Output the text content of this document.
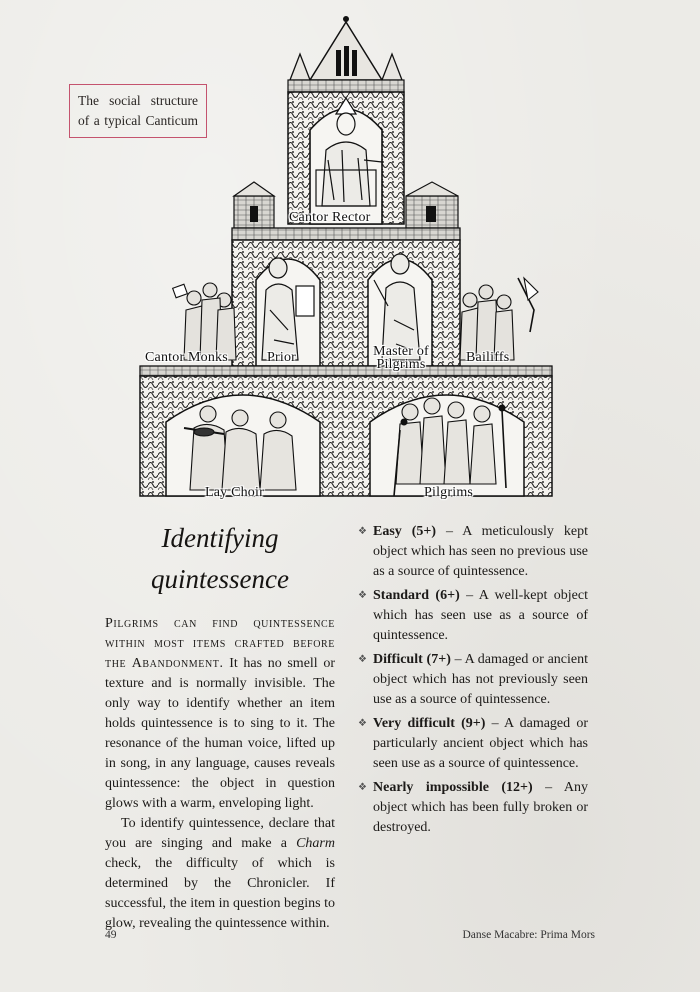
The social structure of a typical Canticum
Cantor Rector
Cantor Monks	Prior	Master of
Pilgrims	Bailiffs
Lay Choir	Pilgrims
Identifying quintessence

Pilgrims can find quintessence within most items crafted before the Abandonment. It has no smell or texture and is normally invisible. The only way to identify whether an item holds quintessence is to sing to it. The resonance of the human voice, lifted up in song, in any language, causes reveals quintessence: the object in question glows with a warm, enveloping light.

To identify quintessence, declare that you are singing and make a Charm check, the difficulty of which is determined by the Chronicler. If successful, the item in question begins to glow, revealing the quintessence within.

❖ Easy (5+) – A meticulously kept object which has seen no previous use as a source of quintessence.
❖ Standard (6+) – A well-kept object which has seen use as a source of quintessence.
❖ Difficult (7+) – A damaged or ancient object which has not previously seen use as a source of quintessence.
❖ Very difficult (9+) – A damaged or particularly ancient object which has seen use as a source of quintessence.
❖ Nearly impossible (12+) – Any object which has been fully broken or destroyed.
49	Danse Macabre: Prima Mors
